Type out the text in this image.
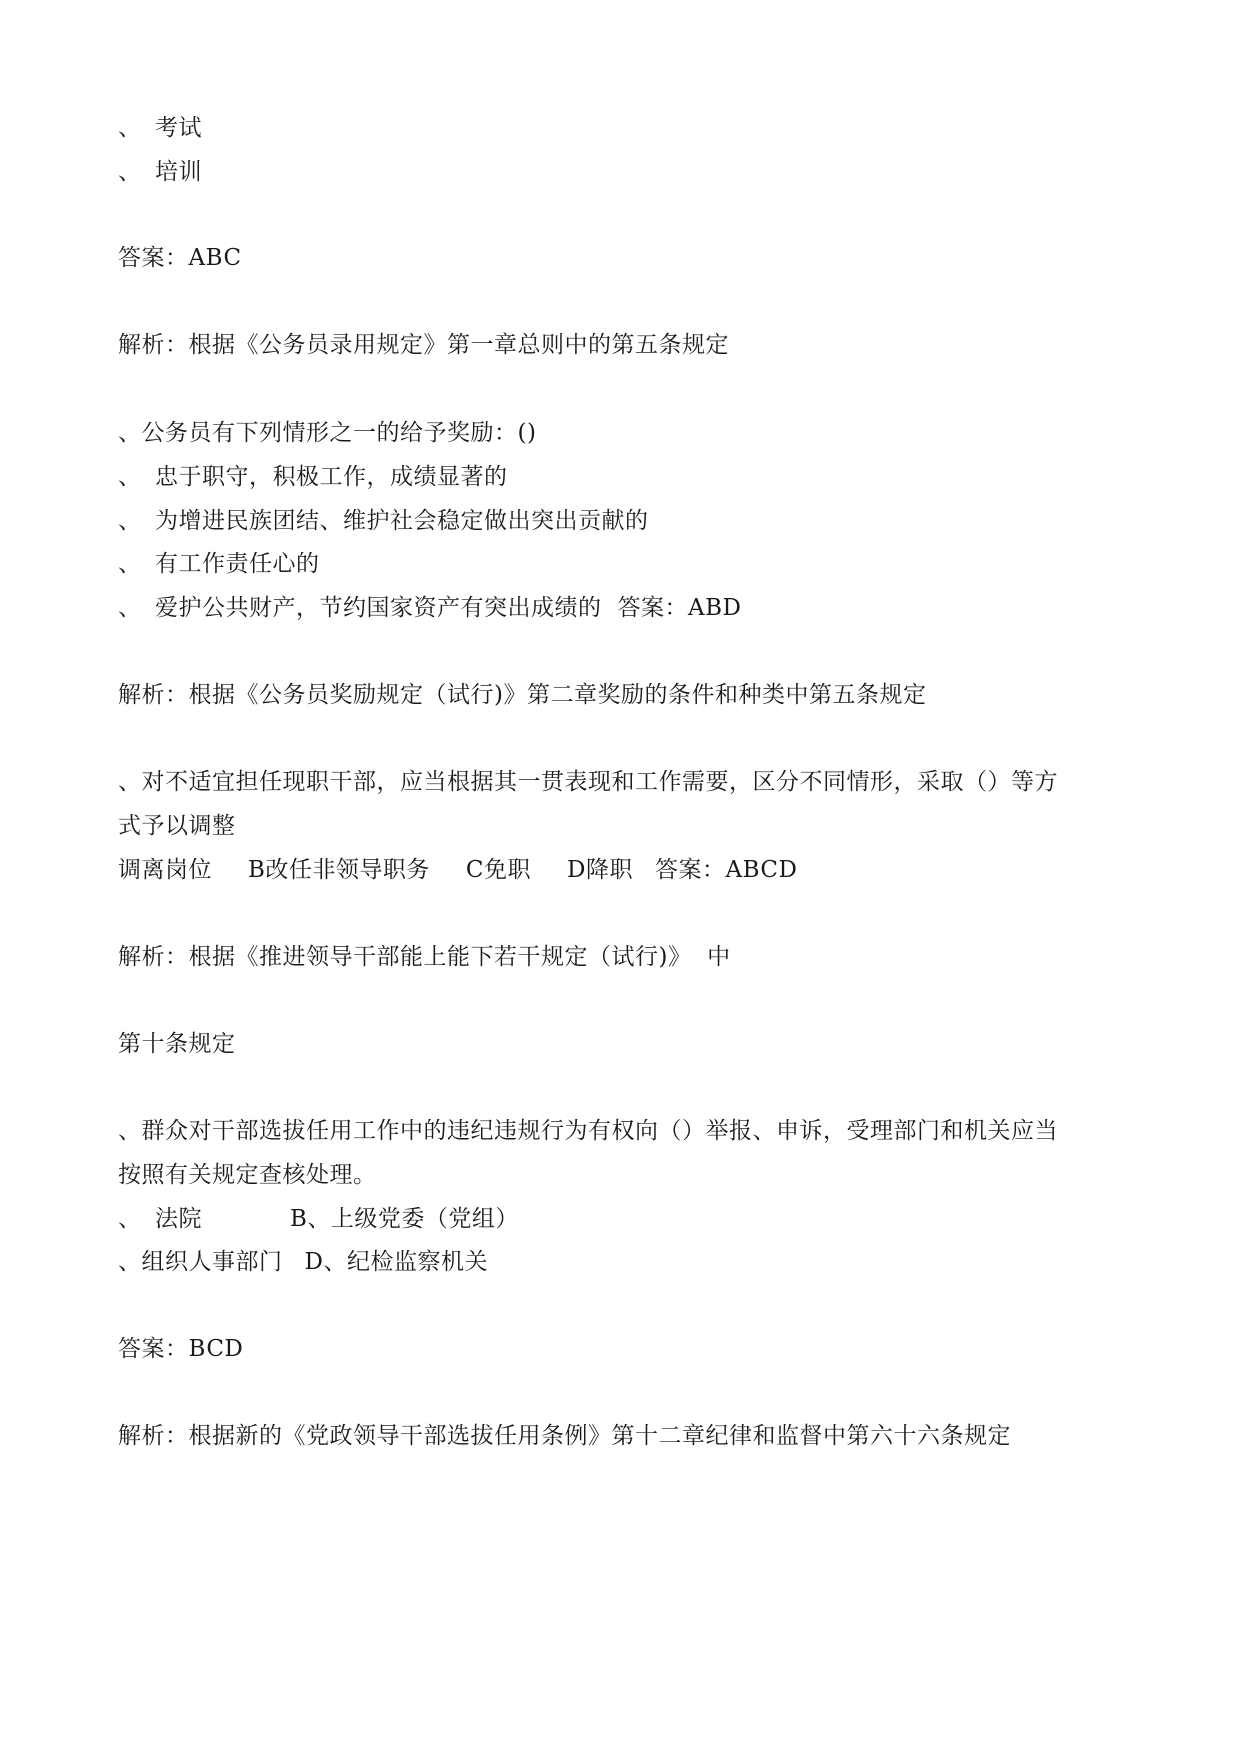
、 考试
、 培训
答案：ABC
解析：根据《公务员录用规定》第一章总则中的第五条规定
、公务员有下列情形之一的给予奖励：()
、 忠于职守，积极工作，成绩显著的
、 为增进民族团结、维护社会稳定做出突出贡献的
、 有工作责任心的
、 爱护公共财产，节约国家资产有突出成绩的 答案：ABD
解析：根据《公务员奖励规定（试行)》第二章奖励的条件和种类中第五条规定
、对不适宜担任现职干部，应当根据其一贯表现和工作需要，区分不同情形，采取（）等方
式予以调整
调离岗位 B改任非领导职务 C免职 D降职 答案：ABCD
解析：根据《推进领导干部能上能下若干规定（试行)》  中
第十条规定
、群众对干部选拔任用工作中的违纪违规行为有权向（）举报、申诉，受理部门和机关应当
按照有关规定查核处理。
、 法院	B、上级党委（党组）
、组织人事部门 D、纪检监察机关
答案：BCD
解析：根据新的《党政领导干部选拔任用条例》第十二章纪律和监督中第六十六条规定
